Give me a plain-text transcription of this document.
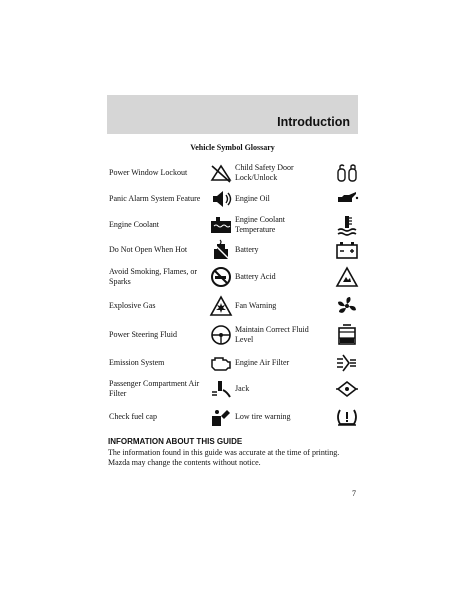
Introduction
Vehicle Symbol Glossary
Power Window Lockout
Panic Alarm System Feature
Engine Coolant
Do Not Open When Hot
Avoid Smoking, Flames, or Sparks
Explosive Gas
Power Steering Fluid
Emission System
Passenger Compartment Air Filter
Check fuel cap
Child Safety Door Lock/Unlock
Engine Oil
Engine Coolant Temperature
Battery
Battery Acid
Fan Warning
Maintain Correct Fluid Level
Engine Air Filter
Jack
Low tire warning
INFORMATION ABOUT THIS GUIDE
The information found in this guide was accurate at the time of printing. Mazda may change the contents without notice.
7
